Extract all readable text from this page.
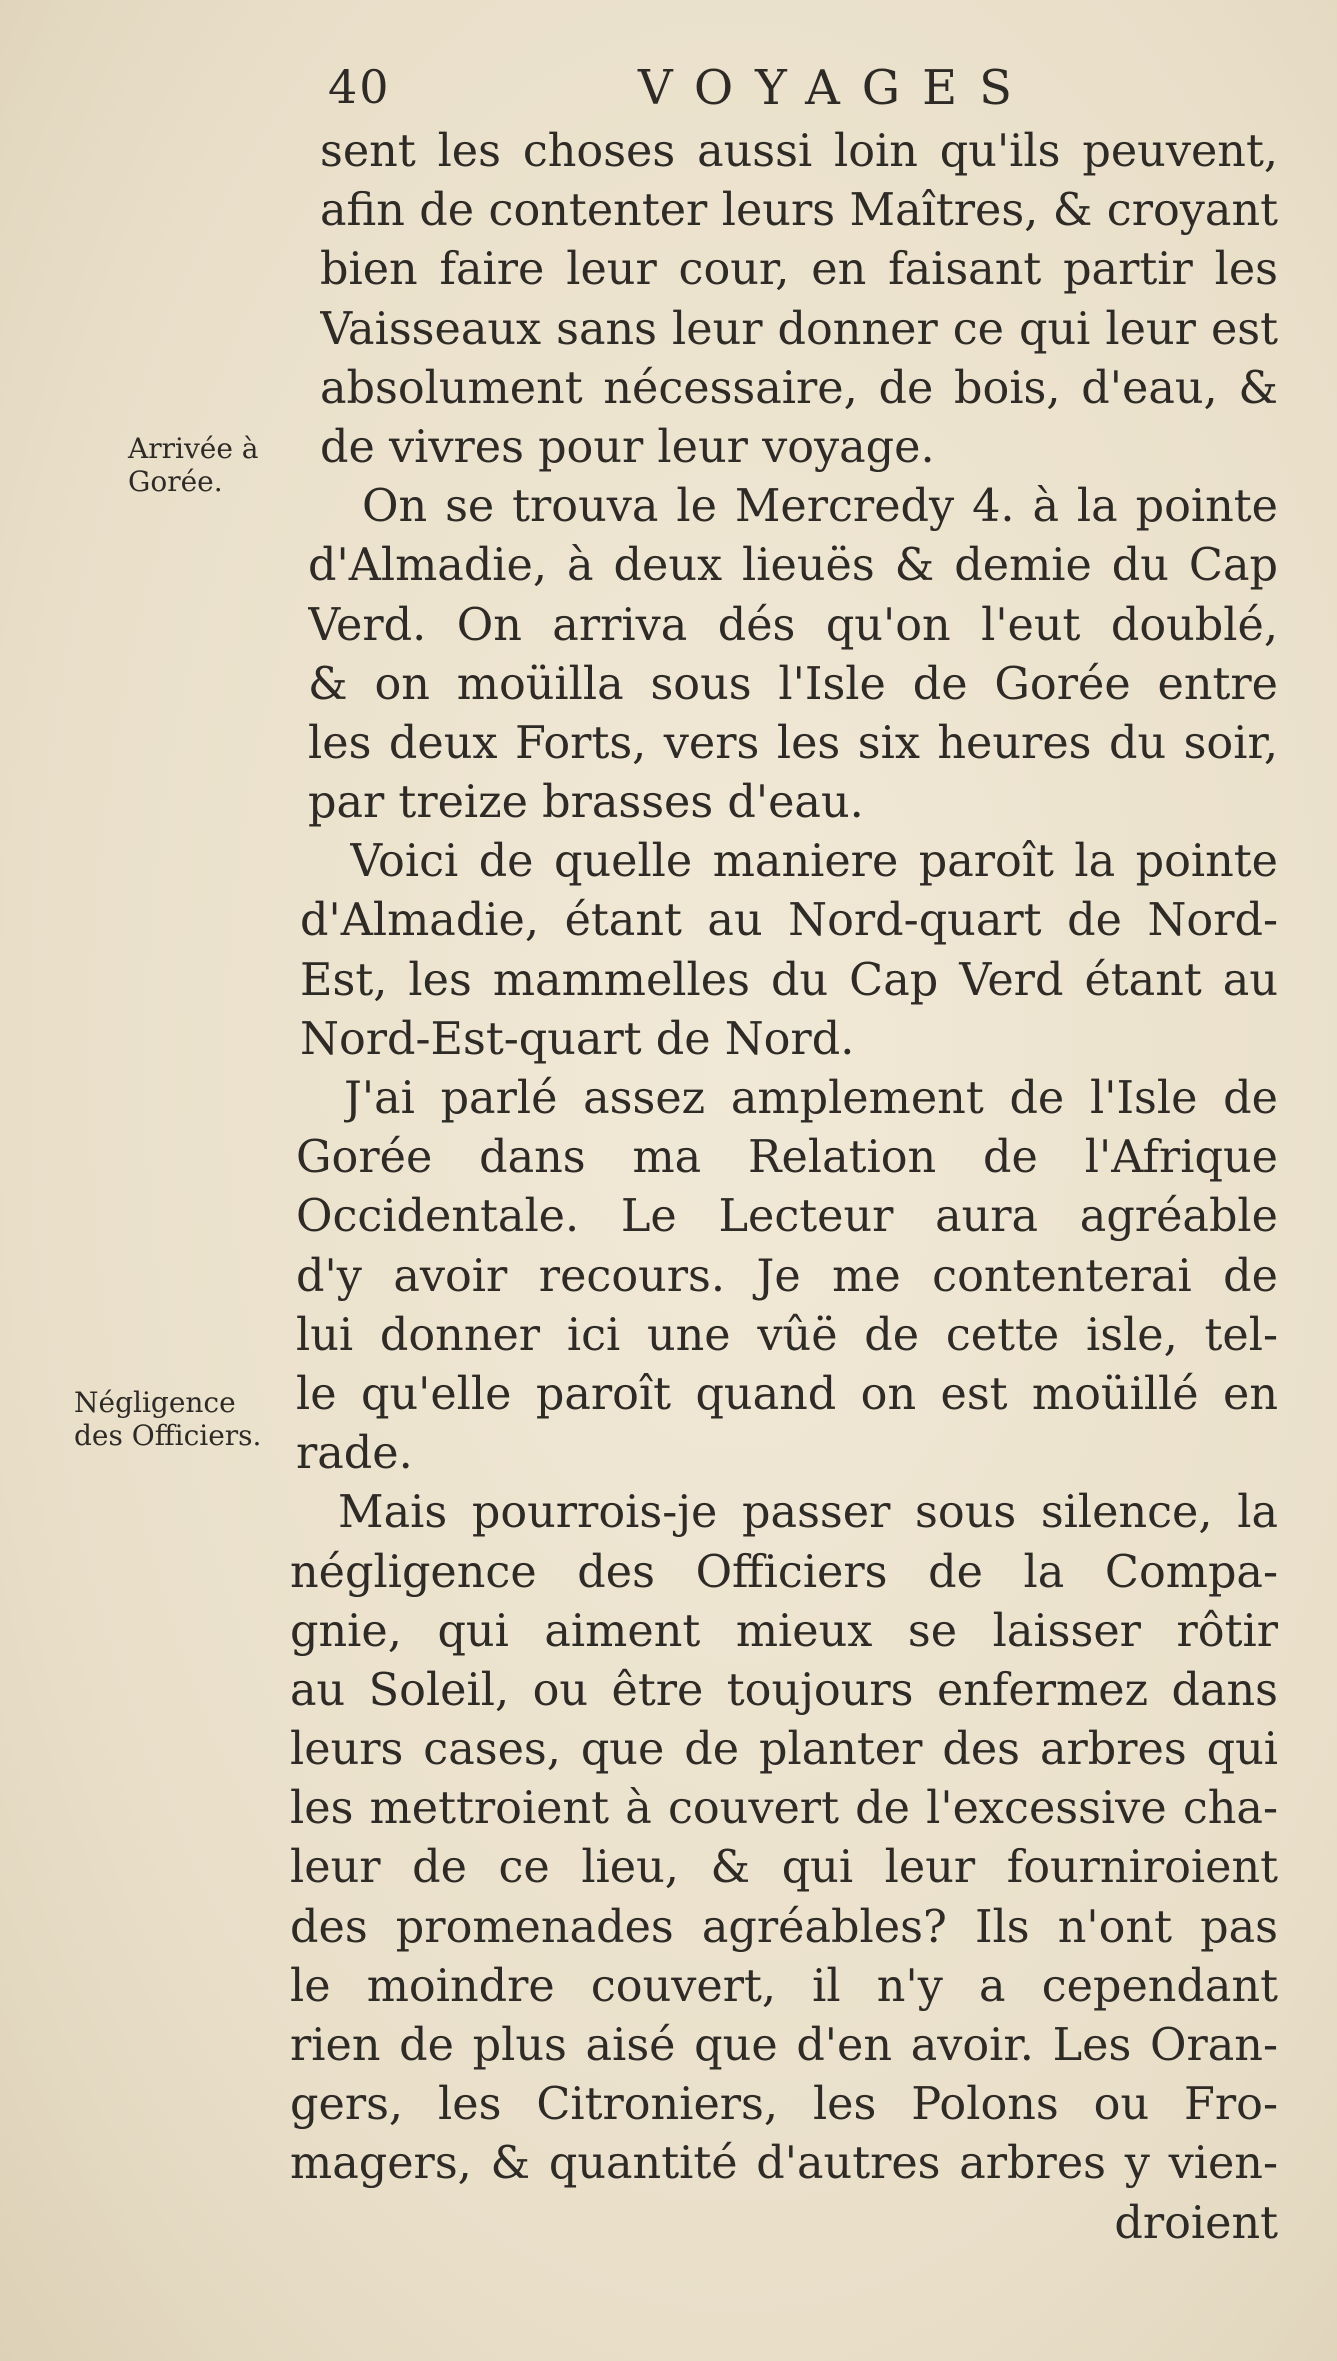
40	VOYAGES
Arrivée à
Gorée.
Négligence
des Officiers.
sent les choses aussi loin qu'ils peuvent,
afin de contenter leurs Maîtres, & croyant
bien faire leur cour, en faisant partir les
Vaisseaux sans leur donner ce qui leur est
absolument nécessaire, de bois, d'eau, &
de vivres pour leur voyage.
On se trouva le Mercredy 4. à la pointe
d'Almadie, à deux lieuës & demie du Cap
Verd. On arriva dés qu'on l'eut doublé,
& on moüilla sous l'Isle de Gorée entre
les deux Forts, vers les six heures du soir,
par treize brasses d'eau.
Voici de quelle maniere paroît la pointe
d'Almadie, étant au Nord-quart de Nord-
Est, les mammelles du Cap Verd étant au
Nord-Est-quart de Nord.
J'ai parlé assez amplement de l'Isle de
Gorée dans ma Relation de l'Afrique
Occidentale. Le Lecteur aura agréable
d'y avoir recours. Je me contenterai de
lui donner ici une vûë de cette isle, tel-
le qu'elle paroît quand on est moüillé en
rade.
Mais pourrois-je passer sous silence, la
négligence des Officiers de la Compa-
gnie, qui aiment mieux se laisser rôtir
au Soleil, ou être toujours enfermez dans
leurs cases, que de planter des arbres qui
les mettroient à couvert de l'excessive cha-
leur de ce lieu, & qui leur fourniroient
des promenades agréables? Ils n'ont pas
le moindre couvert, il n'y a cependant
rien de plus aisé que d'en avoir. Les Oran-
gers, les Citroniers, les Polons ou Fro-
magers, & quantité d'autres arbres y vien-
droient
